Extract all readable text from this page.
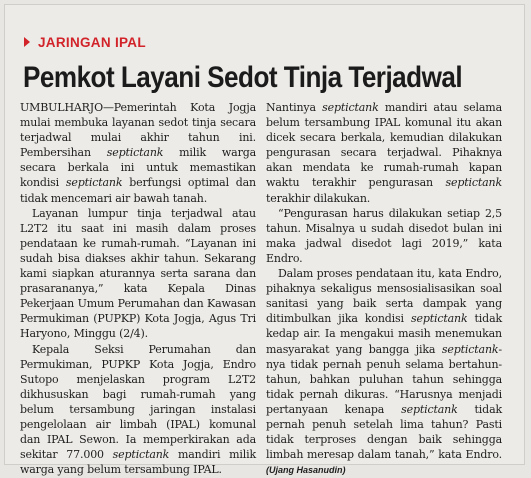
JARINGAN IPAL
Pemkot Layani Sedot Tinja Terjadwal

UMBULHARJO—Pemerintah Kota Jogja mulai membuka layanan sedot tinja secara terjadwal mulai akhir tahun ini. Pembersihan septictank milik warga secara berkala ini untuk memastikan kondisi septictank berfungsi optimal dan tidak mencemari air bawah tanah.

Layanan lumpur tinja terjadwal atau L2T2 itu saat ini masih dalam proses pendataan ke rumah-rumah. “Layanan ini sudah bisa diakses akhir tahun. Sekarang kami siapkan aturannya serta sarana dan prasarananya,” kata Kepala Dinas Pekerjaan Umum Perumahan dan Kawasan Permukiman (PUPKP) Kota Jogja, Agus Tri Haryono, Minggu (2/4).

Kepala Seksi Perumahan dan Permukiman, PUPKP Kota Jogja, Endro Sutopo menjelaskan program L2T2 dikhususkan bagi rumah-rumah yang belum tersambung jaringan instalasi pengelolaan air limbah (IPAL) komunal dan IPAL Sewon. Ia memperkirakan ada sekitar 77.000 septictank mandiri milik warga yang belum tersambung IPAL.

Nantinya septictank mandiri atau selama belum tersambung IPAL komunal itu akan dicek secara berkala, kemudian dilakukan pengurasan secara terjadwal. Pihaknya akan mendata ke rumah-rumah kapan waktu terakhir pengurasan septictank terakhir dilakukan.

“Pengurasan harus dilakukan setiap 2,5 tahun. Misalnya u sudah disedot bulan ini maka jadwal disedot lagi 2019,” kata Endro.

Dalam proses pendataan itu, kata Endro, pihaknya sekaligus mensosialisasikan soal sanitasi yang baik serta dampak yang ditimbulkan jika kondisi septictank tidak kedap air. Ia mengakui masih menemukan masyarakat yang bangga jika septictank-nya tidak pernah penuh selama bertahun-tahun, bahkan puluhan tahun sehingga tidak pernah dikuras. “Harusnya menjadi pertanyaan kenapa septictank tidak pernah penuh setelah lima tahun? Pasti tidak terproses dengan baik sehingga limbah meresap dalam tanah,” kata Endro. (Ujang Hasanudin)
